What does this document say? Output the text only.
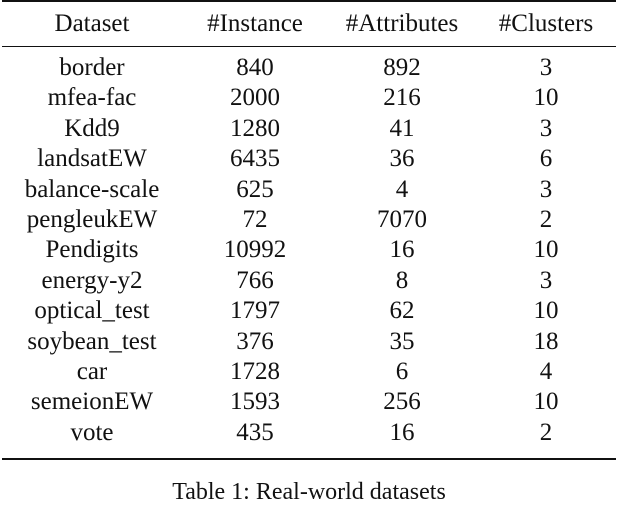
Dataset	#Instance	#Attributes	#Clusters
border	840	892	3
mfea-fac	2000	216	10
Kdd9	1280	41	3
landsatEW	6435	36	6
balance-scale	625	4	3
pengleukEW	72	7070	2
Pendigits	10992	16	10
energy-y2	766	8	3
optical_test	1797	62	10
soybean_test	376	35	18
car	1728	6	4
semeionEW	1593	256	10
vote	435	16	2
Table 1: Real-world datasets
